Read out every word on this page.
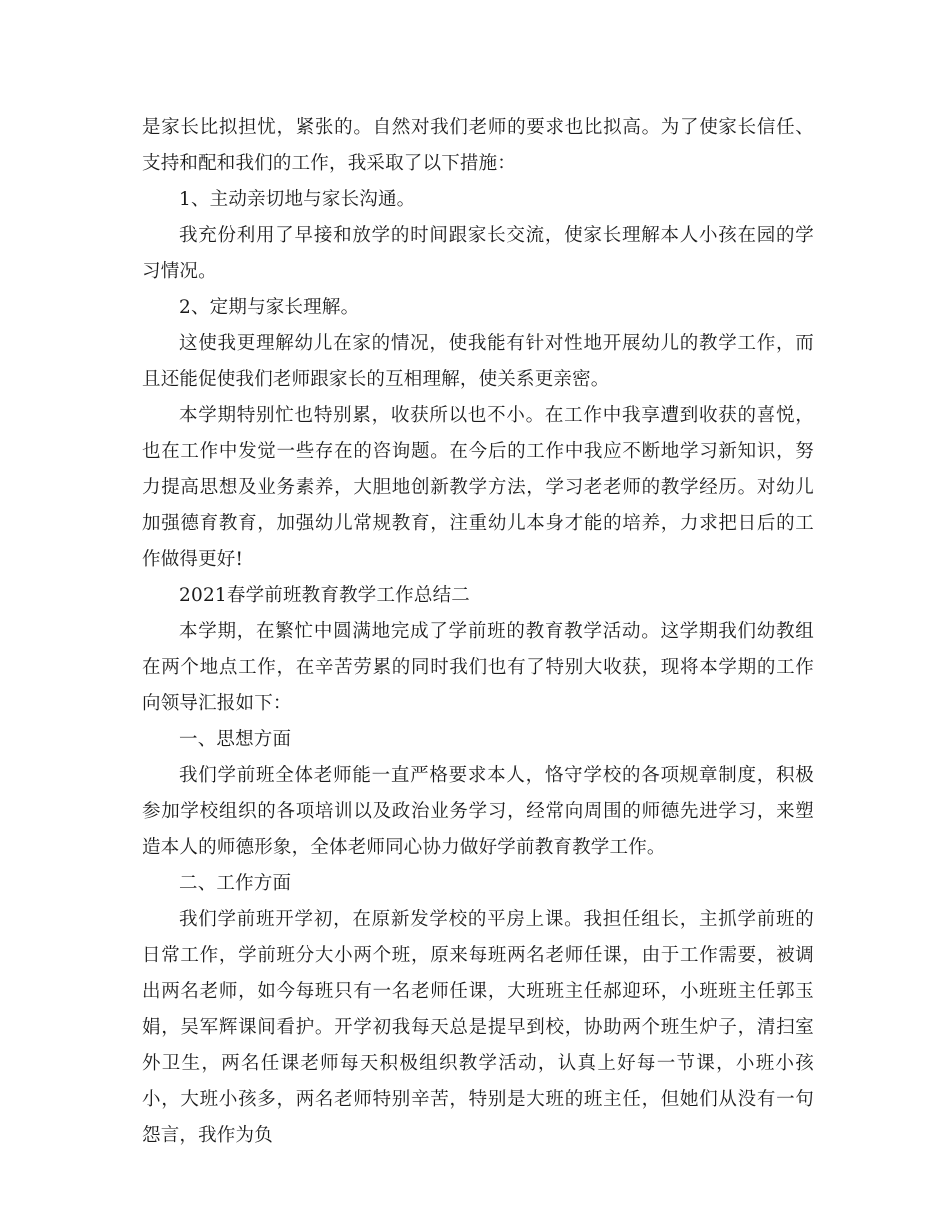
是家长比拟担忧，紧张的。自然对我们老师的要求也比拟高。为了使家长信任、支持和配和我们的工作，我采取了以下措施：

1、主动亲切地与家长沟通。

我充份利用了早接和放学的时间跟家长交流，使家长理解本人小孩在园的学习情况。

2、定期与家长理解。

这使我更理解幼儿在家的情况，使我能有针对性地开展幼儿的教学工作，而且还能促使我们老师跟家长的互相理解，使关系更亲密。

本学期特别忙也特别累，收获所以也不小。在工作中我享遭到收获的喜悦，也在工作中发觉一些存在的咨询题。在今后的工作中我应不断地学习新知识，努力提高思想及业务素养，大胆地创新教学方法，学习老老师的教学经历。对幼儿加强德育教育，加强幼儿常规教育，注重幼儿本身才能的培养，力求把日后的工作做得更好!

2021春学前班教育教学工作总结二

本学期，在繁忙中圆满地完成了学前班的教育教学活动。这学期我们幼教组在两个地点工作，在辛苦劳累的同时我们也有了特别大收获，现将本学期的工作向领导汇报如下：

一、思想方面

我们学前班全体老师能一直严格要求本人，恪守学校的各项规章制度，积极参加学校组织的各项培训以及政治业务学习，经常向周围的师德先进学习，来塑造本人的师德形象，全体老师同心协力做好学前教育教学工作。

二、工作方面

我们学前班开学初，在原新发学校的平房上课。我担任组长，主抓学前班的日常工作，学前班分大小两个班，原来每班两名老师任课，由于工作需要，被调出两名老师，如今每班只有一名老师任课，大班班主任郝迎环，小班班主任郭玉娟，吴军辉课间看护。开学初我每天总是提早到校，协助两个班生炉子，清扫室外卫生，两名任课老师每天积极组织教学活动，认真上好每一节课，小班小孩小，大班小孩多，两名老师特别辛苦，特别是大班的班主任，但她们从没有一句怨言，我作为负
